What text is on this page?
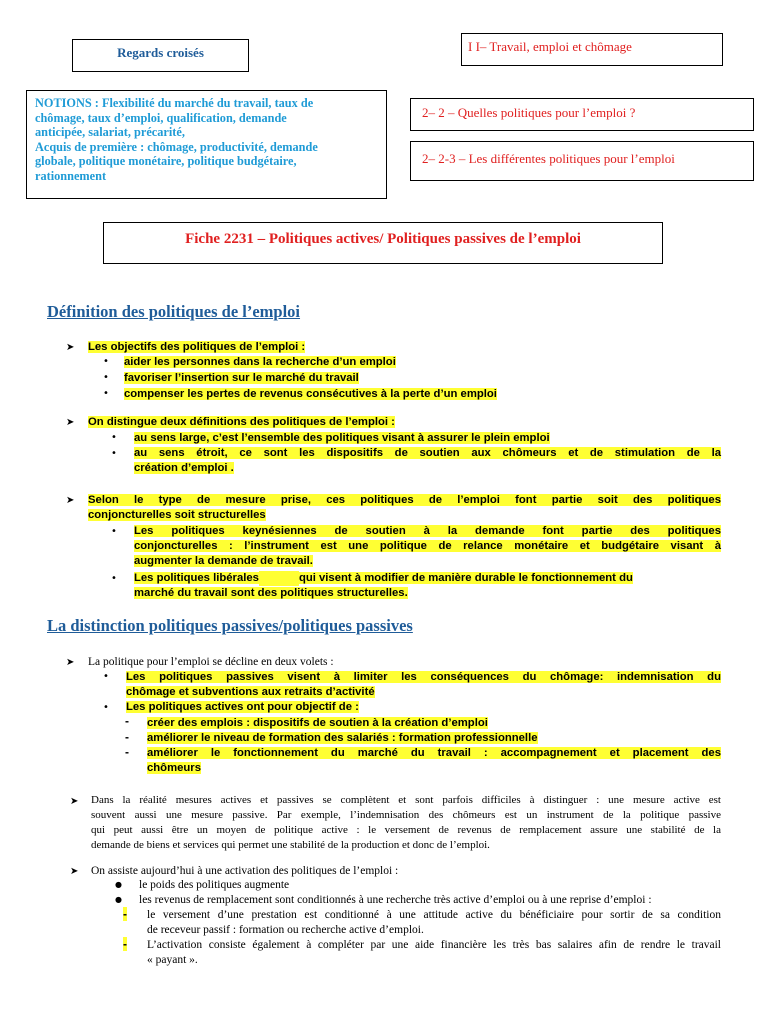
Regards croisés	I I– Travail, emploi et chômage
NOTIONS : Flexibilité du marché du travail, taux de
chômage, taux d’emploi, qualification, demande
anticipée, salariat, précarité,
Acquis de première : chômage, productivité, demande
globale, politique monétaire, politique budgétaire,
rationnement
2– 2 – Quelles politiques pour l’emploi ?
2– 2-3 – Les différentes politiques pour l’emploi
Fiche 2231 – Politiques actives/ Politiques passives de l’emploi
Définition des politiques de l’emploi
➤ Les objectifs des politiques de l’emploi :
• aider les personnes dans la recherche d’un emploi
• favoriser l’insertion sur le marché du travail
• compenser les pertes de revenus consécutives à la perte d’un emploi
➤ On distingue deux définitions des politiques de l’emploi :
• au sens large, c’est l’ensemble des politiques visant à assurer le plein emploi
• au sens étroit, ce sont les dispositifs de soutien aux chômeurs et de stimulation de la
création d’emploi .
➤ Selon le type de mesure prise, ces politiques de l’emploi font partie soit des politiques
conjoncturelles soit structurelles
• Les politiques keynésiennes de soutien à la demande font partie des politiques
conjoncturelles : l’instrument est une politique de relance monétaire et budgétaire visant à
augmenter la demande de travail.
• Les politiques libérales	qui visent à modifier de manière durable le fonctionnement du
marché du travail sont des politiques structurelles.
La distinction politiques passives/politiques passives
➤ La politique pour l’emploi se décline en deux volets :
• Les politiques passives visent à limiter les conséquences du chômage: indemnisation du
chômage et subventions aux retraits d’activité
• Les politiques actives ont pour objectif de :
- créer des emplois : dispositifs de soutien à la création d’emploi
- améliorer le niveau de formation des salariés : formation professionnelle
- améliorer le fonctionnement du marché du travail : accompagnement et placement des
chômeurs
➤ Dans la réalité mesures actives et passives se complètent et sont parfois difficiles à distinguer : une mesure active est
souvent aussi une mesure passive. Par exemple, l’indemnisation des chômeurs est un instrument de la politique passive
qui peut aussi être un moyen de politique active : le versement de revenus de remplacement assure une stabilité de la
demande de biens et services qui permet une stabilité de la production et donc de l’emploi.
➤ On assiste aujourd’hui à une activation des politiques de l’emploi :
● le poids des politiques augmente
● les revenus de remplacement sont conditionnés à une recherche très active d’emploi ou à une reprise d’emploi :
- le versement d’une prestation est conditionné à une attitude active du bénéficiaire pour sortir de sa condition
de receveur passif : formation ou recherche active d’emploi.
- L’activation consiste également à compléter par une aide financière les très bas salaires afin de rendre le travail
« payant ».
